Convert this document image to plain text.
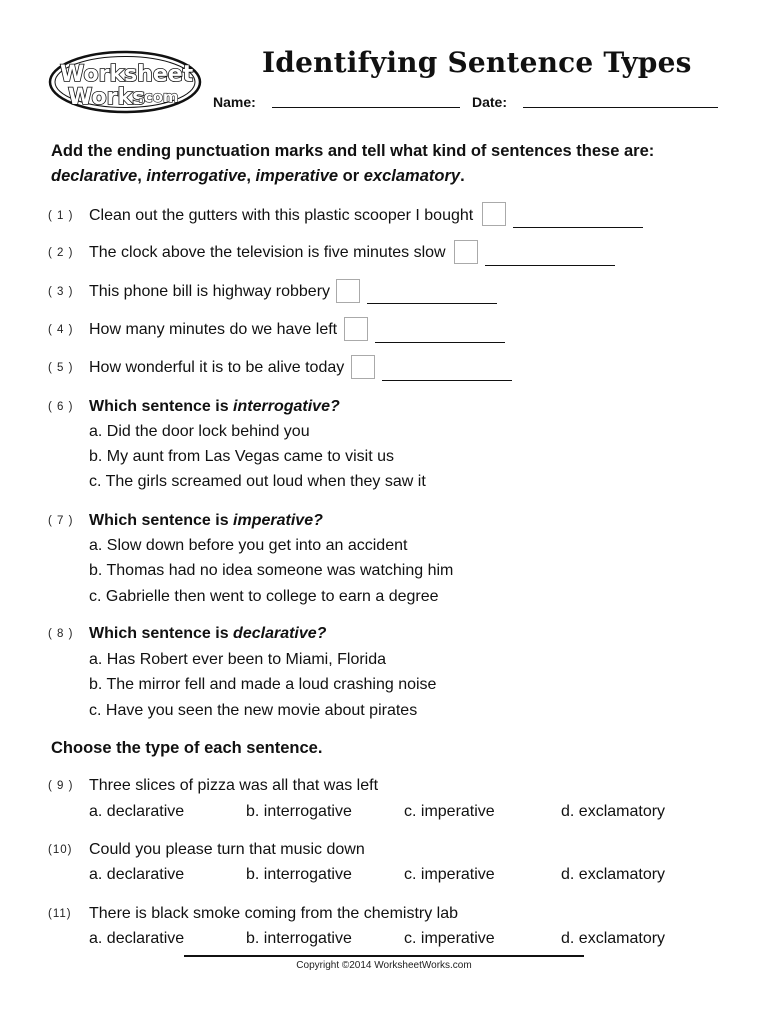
Worksheet
Works
.com
Identifying Sentence Types
Name:	Date:
Add the ending punctuation marks and tell what kind of sentences these are:
declarative, interrogative, imperative or exclamatory.
( 1 ) Clean out the gutters with this plastic scooper I bought
( 2 ) The clock above the television is five minutes slow
( 3 ) This phone bill is highway robbery
( 4 ) How many minutes do we have left
( 5 ) How wonderful it is to be alive today
( 6 ) Which sentence is interrogative?
a. Did the door lock behind you
b. My aunt from Las Vegas came to visit us
c. The girls screamed out loud when they saw it
( 7 ) Which sentence is imperative?
a. Slow down before you get into an accident
b. Thomas had no idea someone was watching him
c. Gabrielle then went to college to earn a degree
( 8 ) Which sentence is declarative?
a. Has Robert ever been to Miami, Florida
b. The mirror fell and made a loud crashing noise
c. Have you seen the new movie about pirates
Choose the type of each sentence.
( 9 ) Three slices of pizza was all that was left
a. declarative	b. interrogative	c. imperative	d. exclamatory
(10)	Could you please turn that music down
a. declarative	b. interrogative	c. imperative	d. exclamatory
(11)	There is black smoke coming from the chemistry lab
a. declarative	b. interrogative	c. imperative	d. exclamatory
Copyright ©2014 WorksheetWorks.com
